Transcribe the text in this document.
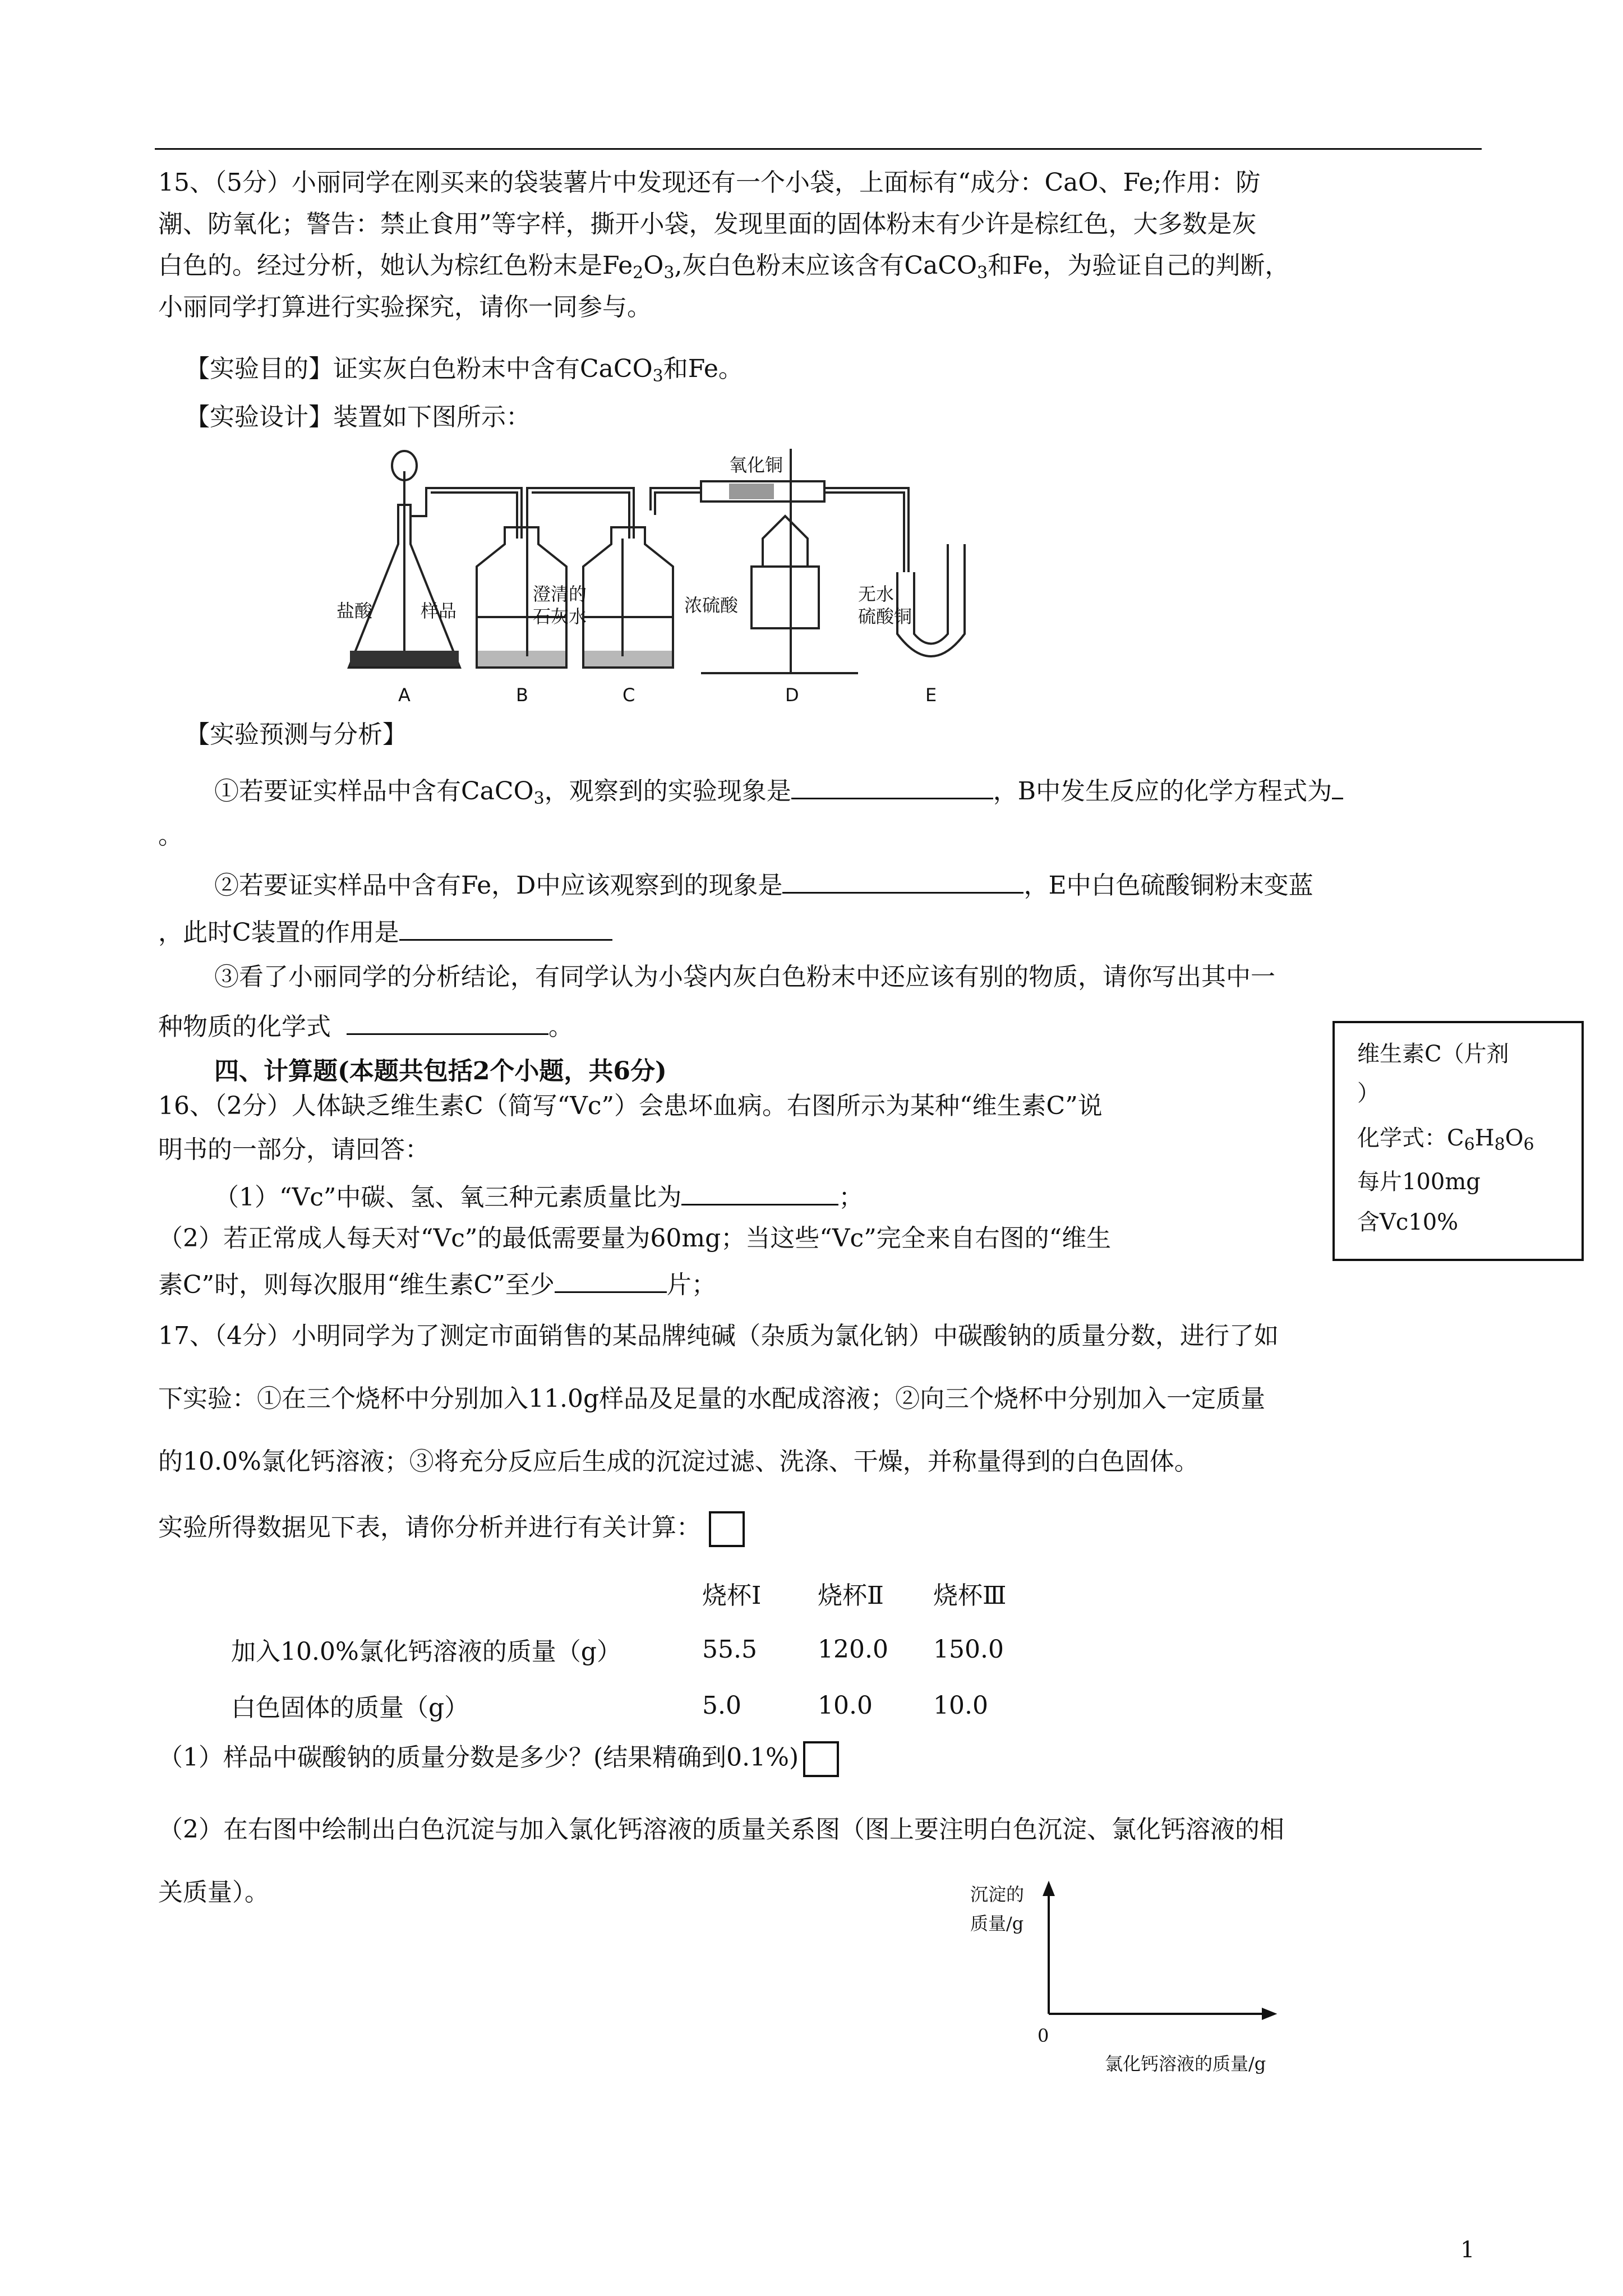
15、（5分）小丽同学在刚买来的袋装薯片中发现还有一个小袋，上面标有“成分：CaO、Fe;作用：防
潮、防氧化；警告：禁止食用”等字样，撕开小袋，发现里面的固体粉末有少许是棕红色，大多数是灰
白色的。经过分析，她认为棕红色粉末是$Fe_2O_3$,灰白色粉末应该含有CaCO$_3$和Fe，为验证自己的判断，
小丽同学打算进行实验探究，请你一同参与。
【实验目的】证实灰白色粉末中含有CaCO$_3$和Fe。
【实验设计】装置如下图所示：
盐酸	样品
澄清的
石灰水
浓硫酸
氧化铜
无水
硫酸铜
A	B	C	D	E
【实验预测与分析】
①若要证实样品中含有CaCO$_3$，观察到的实验现象是	，B中发生反应的化学方程式为
。
②若要证实样品中含有Fe，D中应该观察到的现象是	，E中白色硫酸铜粉末变蓝
，此时C装置的作用是
③看了小丽同学的分析结论，有同学认为小袋内灰白色粉末中还应该有别的物质，请你写出其中一
种物质的化学式	。
四、计算题(本题共包括2个小题，共6分)
维生素C（片剂
）
化学式：$C_6H_8O_6$
每片100mg
含Vc10%
16、（2分）人体缺乏维生素C（简写“Vc”）会患坏血病。右图所示为某种“维生素C”说
明书的一部分，请回答：
（1）“Vc”中碳、氢、氧三种元素质量比为	；
（2）若正常成人每天对“Vc”的最低需要量为60mg；当这些“Vc”完全来自右图的“维生
素C”时，则每次服用“维生素C”至少	片；
17、（4分）小明同学为了测定市面销售的某品牌纯碱（杂质为氯化钠）中碳酸钠的质量分数，进行了如
下实验：①在三个烧杯中分别加入11.0g样品及足量的水配成溶液；②向三个烧杯中分别加入一定质量
的10.0%氯化钙溶液；③将充分反应后生成的沉淀过滤、洗涤、干燥，并称量得到的白色固体。
实验所得数据见下表，请你分析并进行有关计算：
	烧杯Ⅰ	烧杯Ⅱ	烧杯Ⅲ
加入10.0%氯化钙溶液的质量（g）	55.5	120.0	150.0
白色固体的质量（g）	5.0	10.0	10.0
（1）样品中碳酸钠的质量分数是多少？(结果精确到0.1%)
（2）在右图中绘制出白色沉淀与加入氯化钙溶液的质量关系图（图上要注明白色沉淀、氯化钙溶液的相
关质量）。	沉淀的
质量/g
0
氯化钙溶液的质量/g
1
